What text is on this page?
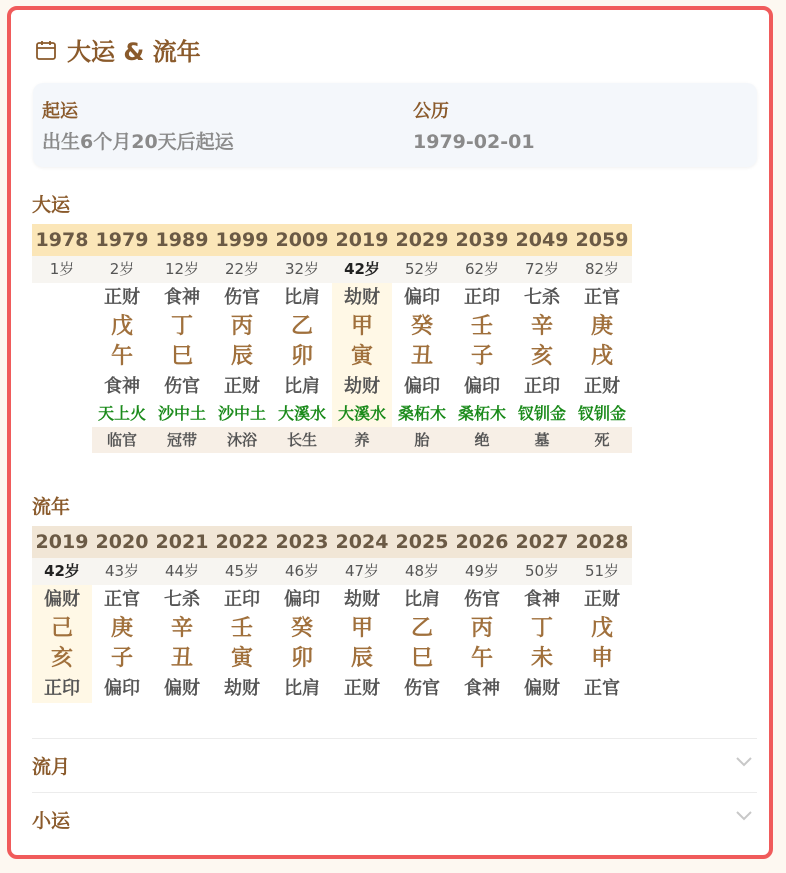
大运 & 流年
起运
出生6个月20天后起运
公历
1979-02-01
大运
1978
1岁
1979
2岁
正财
戊
午
食神
天上火
临官
1989
12岁
食神
丁
巳
伤官
沙中土
冠带
1999
22岁
伤官
丙
辰
正财
沙中土
沐浴
2009
32岁
比肩
乙
卯
比肩
大溪水
长生
2019
42岁
劫财
甲
寅
劫财
大溪水
养
2029
52岁
偏印
癸
丑
偏印
桑柘木
胎
2039
62岁
正印
壬
子
偏印
桑柘木
绝
2049
72岁
七杀
辛
亥
正印
钗钏金
墓
2059
82岁
正官
庚
戌
正财
钗钏金
死
流年
2019
42岁
偏财
己
亥
正印
2020
43岁
正官
庚
子
偏印
2021
44岁
七杀
辛
丑
偏财
2022
45岁
正印
壬
寅
劫财
2023
46岁
偏印
癸
卯
比肩
2024
47岁
劫财
甲
辰
正财
2025
48岁
比肩
乙
巳
伤官
2026
49岁
伤官
丙
午
食神
2027
50岁
食神
丁
未
偏财
2028
51岁
正财
戊
申
正官
流月
小运
